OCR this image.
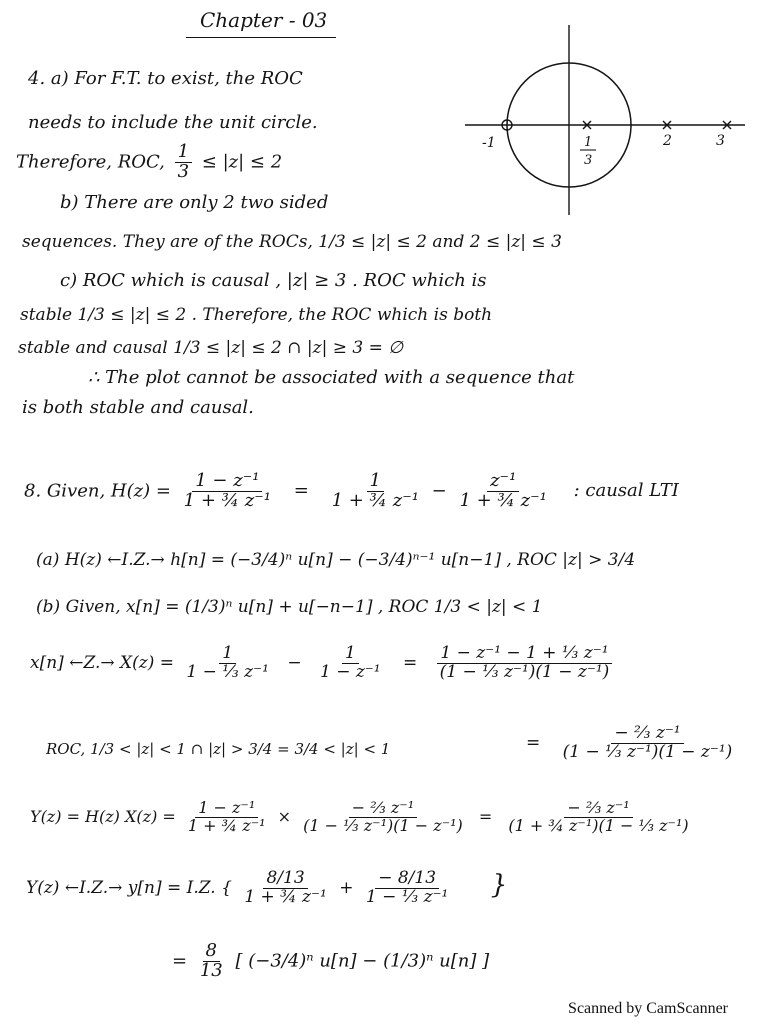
Chapter - 03
4. a) For F.T. to exist, the ROC
needs to include the unit circle.
Therefore, ROC, $\frac{1}{3} \le |z| \le 2$
b) There are only 2 two sided
sequences. They are of the ROCs, 1/3 ≤ |z| ≤ 2 and 2 ≤ |z| ≤ 3
c) ROC which is causal , |z| ≥ 3 . ROC which is
stable 1/3 ≤ |z| ≤ 2 . Therefore, the ROC which is both
stable and causal 1/3 ≤ |z| ≤ 2 ∩ |z| ≥ 3 = ∅
∴ The plot cannot be associated with a sequence that
is both stable and causal.
-1	1
3
2	3
8. Given, $H(z) = \frac{\text{1 − z⁻¹}}{\text{1 + ¾ z⁻¹}} = \frac{1}{\text{1 + ¾ z⁻¹}} - \frac{\text{z⁻¹}}{\text{1 + ¾ z⁻¹}}$ : causal LTI
(a) H(z) ←I.Z.→ h[n] = (−3/4)ⁿ u[n] − (−3/4)ⁿ⁻¹ u[n−1] , ROC |z| > 3/4
(b) Given, x[n] = (1/3)ⁿ u[n] + u[−n−1] , ROC 1/3 < |z| < 1
x[n] ←Z.→ $X(z) = \frac{1}{\text{1 − ⅓ z⁻¹}} - \frac{1}{\text{1 − z⁻¹}} = \frac{\text{1 − z⁻¹ − 1 + ⅓ z⁻¹}}{\text{(1 − ⅓ z⁻¹)(1 − z⁻¹)}}$
ROC, 1/3 < |z| < 1 ∩ |z| > 3/4 = 3/4 < |z| < 1	= $\frac{\text{− ⅔ z⁻¹}}{\text{(1 − ⅓ z⁻¹)(1 − z⁻¹)}}$
Y(z) = H(z) $X(z) = \frac{\text{1 − z⁻¹}}{\text{1 + ¾ z⁻¹}} \times \frac{\text{− ⅔ z⁻¹}}{\text{(1 − ⅓ z⁻¹)(1 − z⁻¹)}} = \frac{\text{− ⅔ z⁻¹}}{\text{(1 + ¾ z⁻¹)(1 − ⅓ z⁻¹)}}$
Y(z) ←I.Z.→ y[n] = I.Z. { $\frac{8/13}{\text{1 + ¾ z⁻¹}} + \frac{- 8/13}{\text{1 − ⅓ z⁻¹}}$ }
= $\frac{8}{13}$ [ (−3/4)ⁿ u[n] − (1/3)ⁿ u[n] ]
Scanned by CamScanner
